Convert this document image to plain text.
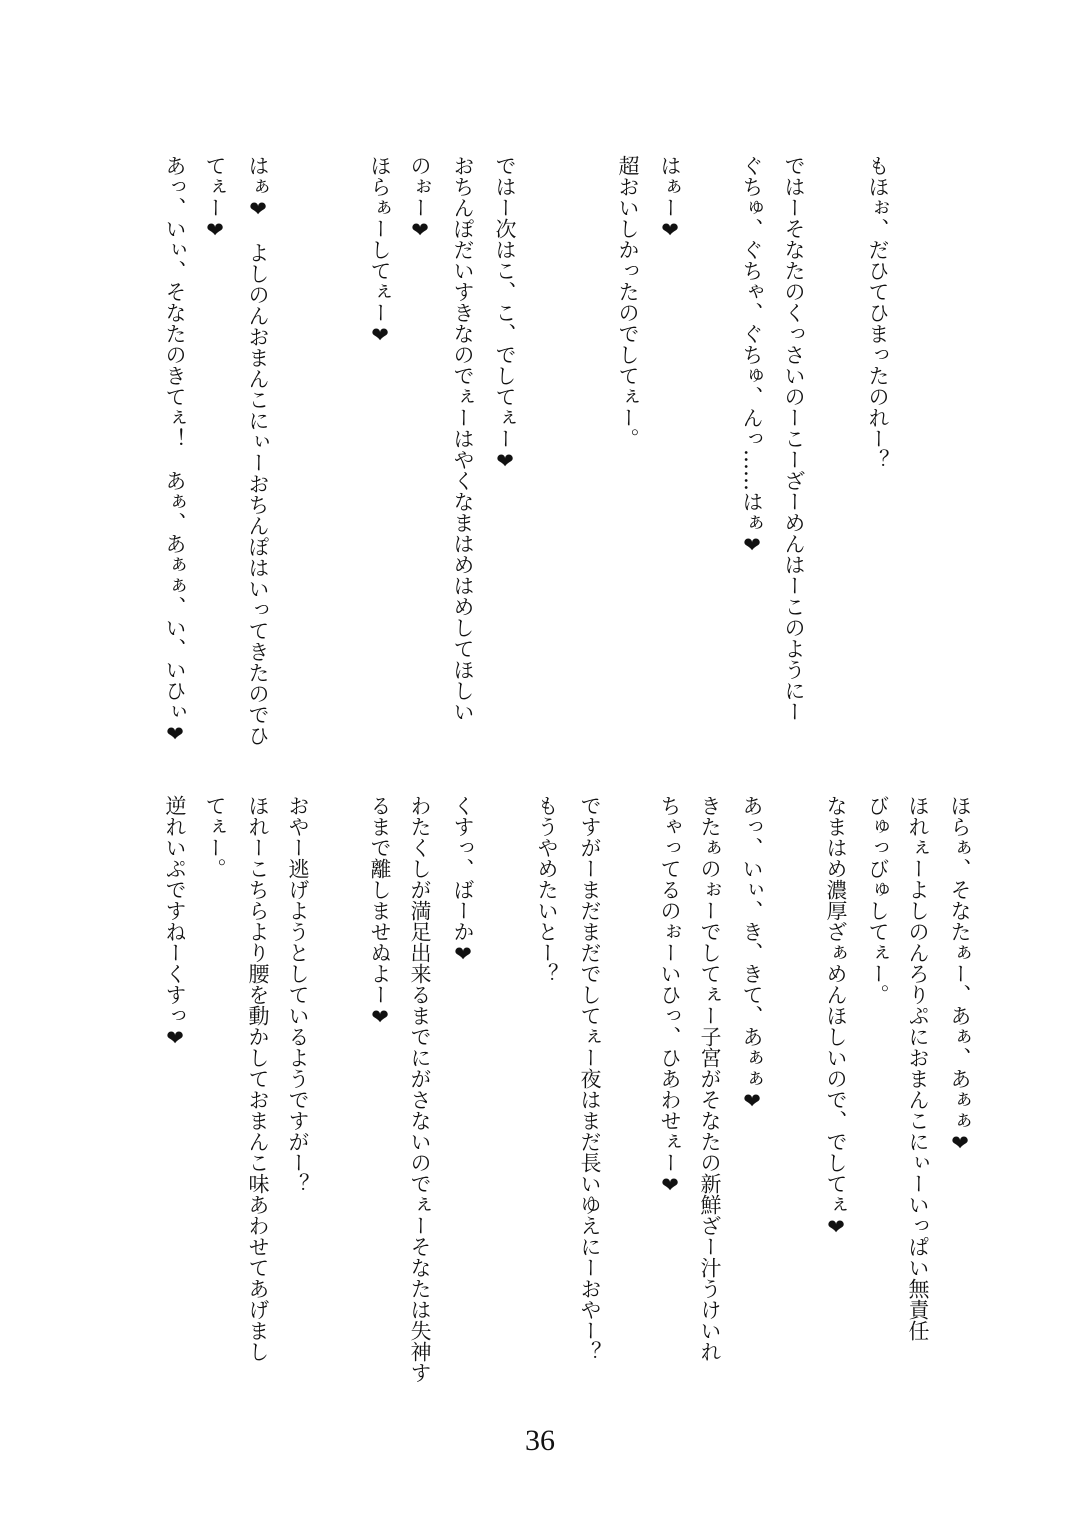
もほぉ、だひてひまったのれー？
ではーそなたのくっさいのーこーざーめんはーこのようにー
ぐちゅ、ぐちゃ、ぐちゅ、んっ……はぁ❤
はぁー❤
超おいしかったのでしてぇー。
ではー次はこ、こ、でしてぇー❤
おちんぽだいすきなのでぇーはやくなまはめはめしてほしい
のぉー❤
ほらぁーしてぇー❤
はぁ❤　よしのんおまんこにぃーおちんぽはいってきたのでひ
てぇー❤
あっ、いぃ、そなたのきてぇ！　あぁ、あぁぁ、い、いひぃ❤
ほらぁ、そなたぁー、あぁ、あぁぁ❤
ほれぇーよしのんろりぷにおまんこにぃーいっぱい無責任
びゅっびゅしてぇー。
なまはめ濃厚ざぁめんほしいので、でしてぇ❤
あっ、いぃ、き、きて、あぁぁ❤
きたぁのぉーでしてぇー子宮がそなたの新鮮ざー汁うけいれ
ちゃってるのぉーいひっ、ひあわせぇー❤
ですがーまだまだでしてぇー夜はまだ長いゆえにーおやー？
もうやめたいとー？
くすっ、ばーか❤
わたくしが満足出来るまでにがさないのでぇーそなたは失神す
るまで離しませぬよー❤
おやー逃げようとしているようですがー？
ほれーこちらより腰を動かしておまんこ味あわせてあげまし
てぇー。
逆れいぷですねーくすっ❤
36
